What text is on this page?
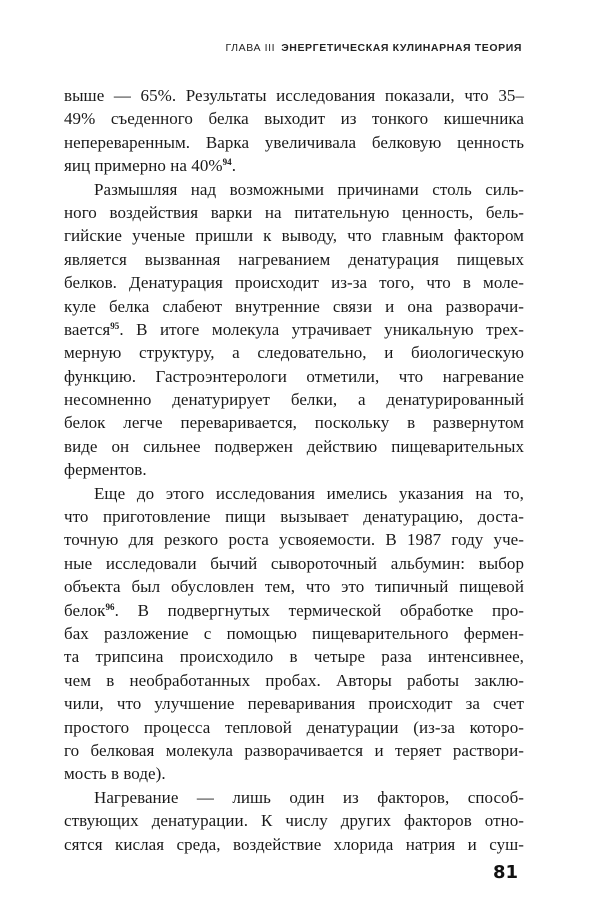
ГЛАВА III ЭНЕРГЕТИЧЕСКАЯ КУЛИНАРНАЯ ТЕОРИЯ
выше — 65%. Результаты исследования показали, что 35–
49% съеденного белка выходит из тонкого кишечника
непереваренным. Варка увеличивала белковую ценность
яиц примерно на 40%$^{94}$.
Размышляя над возможными причинами столь силь-
ного воздействия варки на питательную ценность, бель-
гийские ученые пришли к выводу, что главным фактором
является вызванная нагреванием денатурация пищевых
белков. Денатурация происходит из-за того, что в моле-
куле белка слабеют внутренние связи и она разворачи-
вается$^{95}$. В итоге молекула утрачивает уникальную трех-
мерную структуру, а следовательно, и биологическую
функцию. Гастроэнтерологи отметили, что нагревание
несомненно денатурирует белки, а денатурированный
белок легче переваривается, поскольку в развернутом
виде он сильнее подвержен действию пищеварительных
ферментов.
Еще до этого исследования имелись указания на то,
что приготовление пищи вызывает денатурацию, доста-
точную для резкого роста усвояемости. В 1987 году уче-
ные исследовали бычий сывороточный альбумин: выбор
объекта был обусловлен тем, что это типичный пищевой
белок$^{96}$. В подвергнутых термической обработке про-
бах разложение с помощью пищеварительного фермен-
та трипсина происходило в четыре раза интенсивнее,
чем в необработанных пробах. Авторы работы заклю-
чили, что улучшение переваривания происходит за счет
простого процесса тепловой денатурации (из-за которо-
го белковая молекула разворачивается и теряет раствори-
мость в воде).
Нагревание — лишь один из факторов, способ-
ствующих денатурации. К числу других факторов отно-
сятся кислая среда, воздействие хлорида натрия и суш-
81
